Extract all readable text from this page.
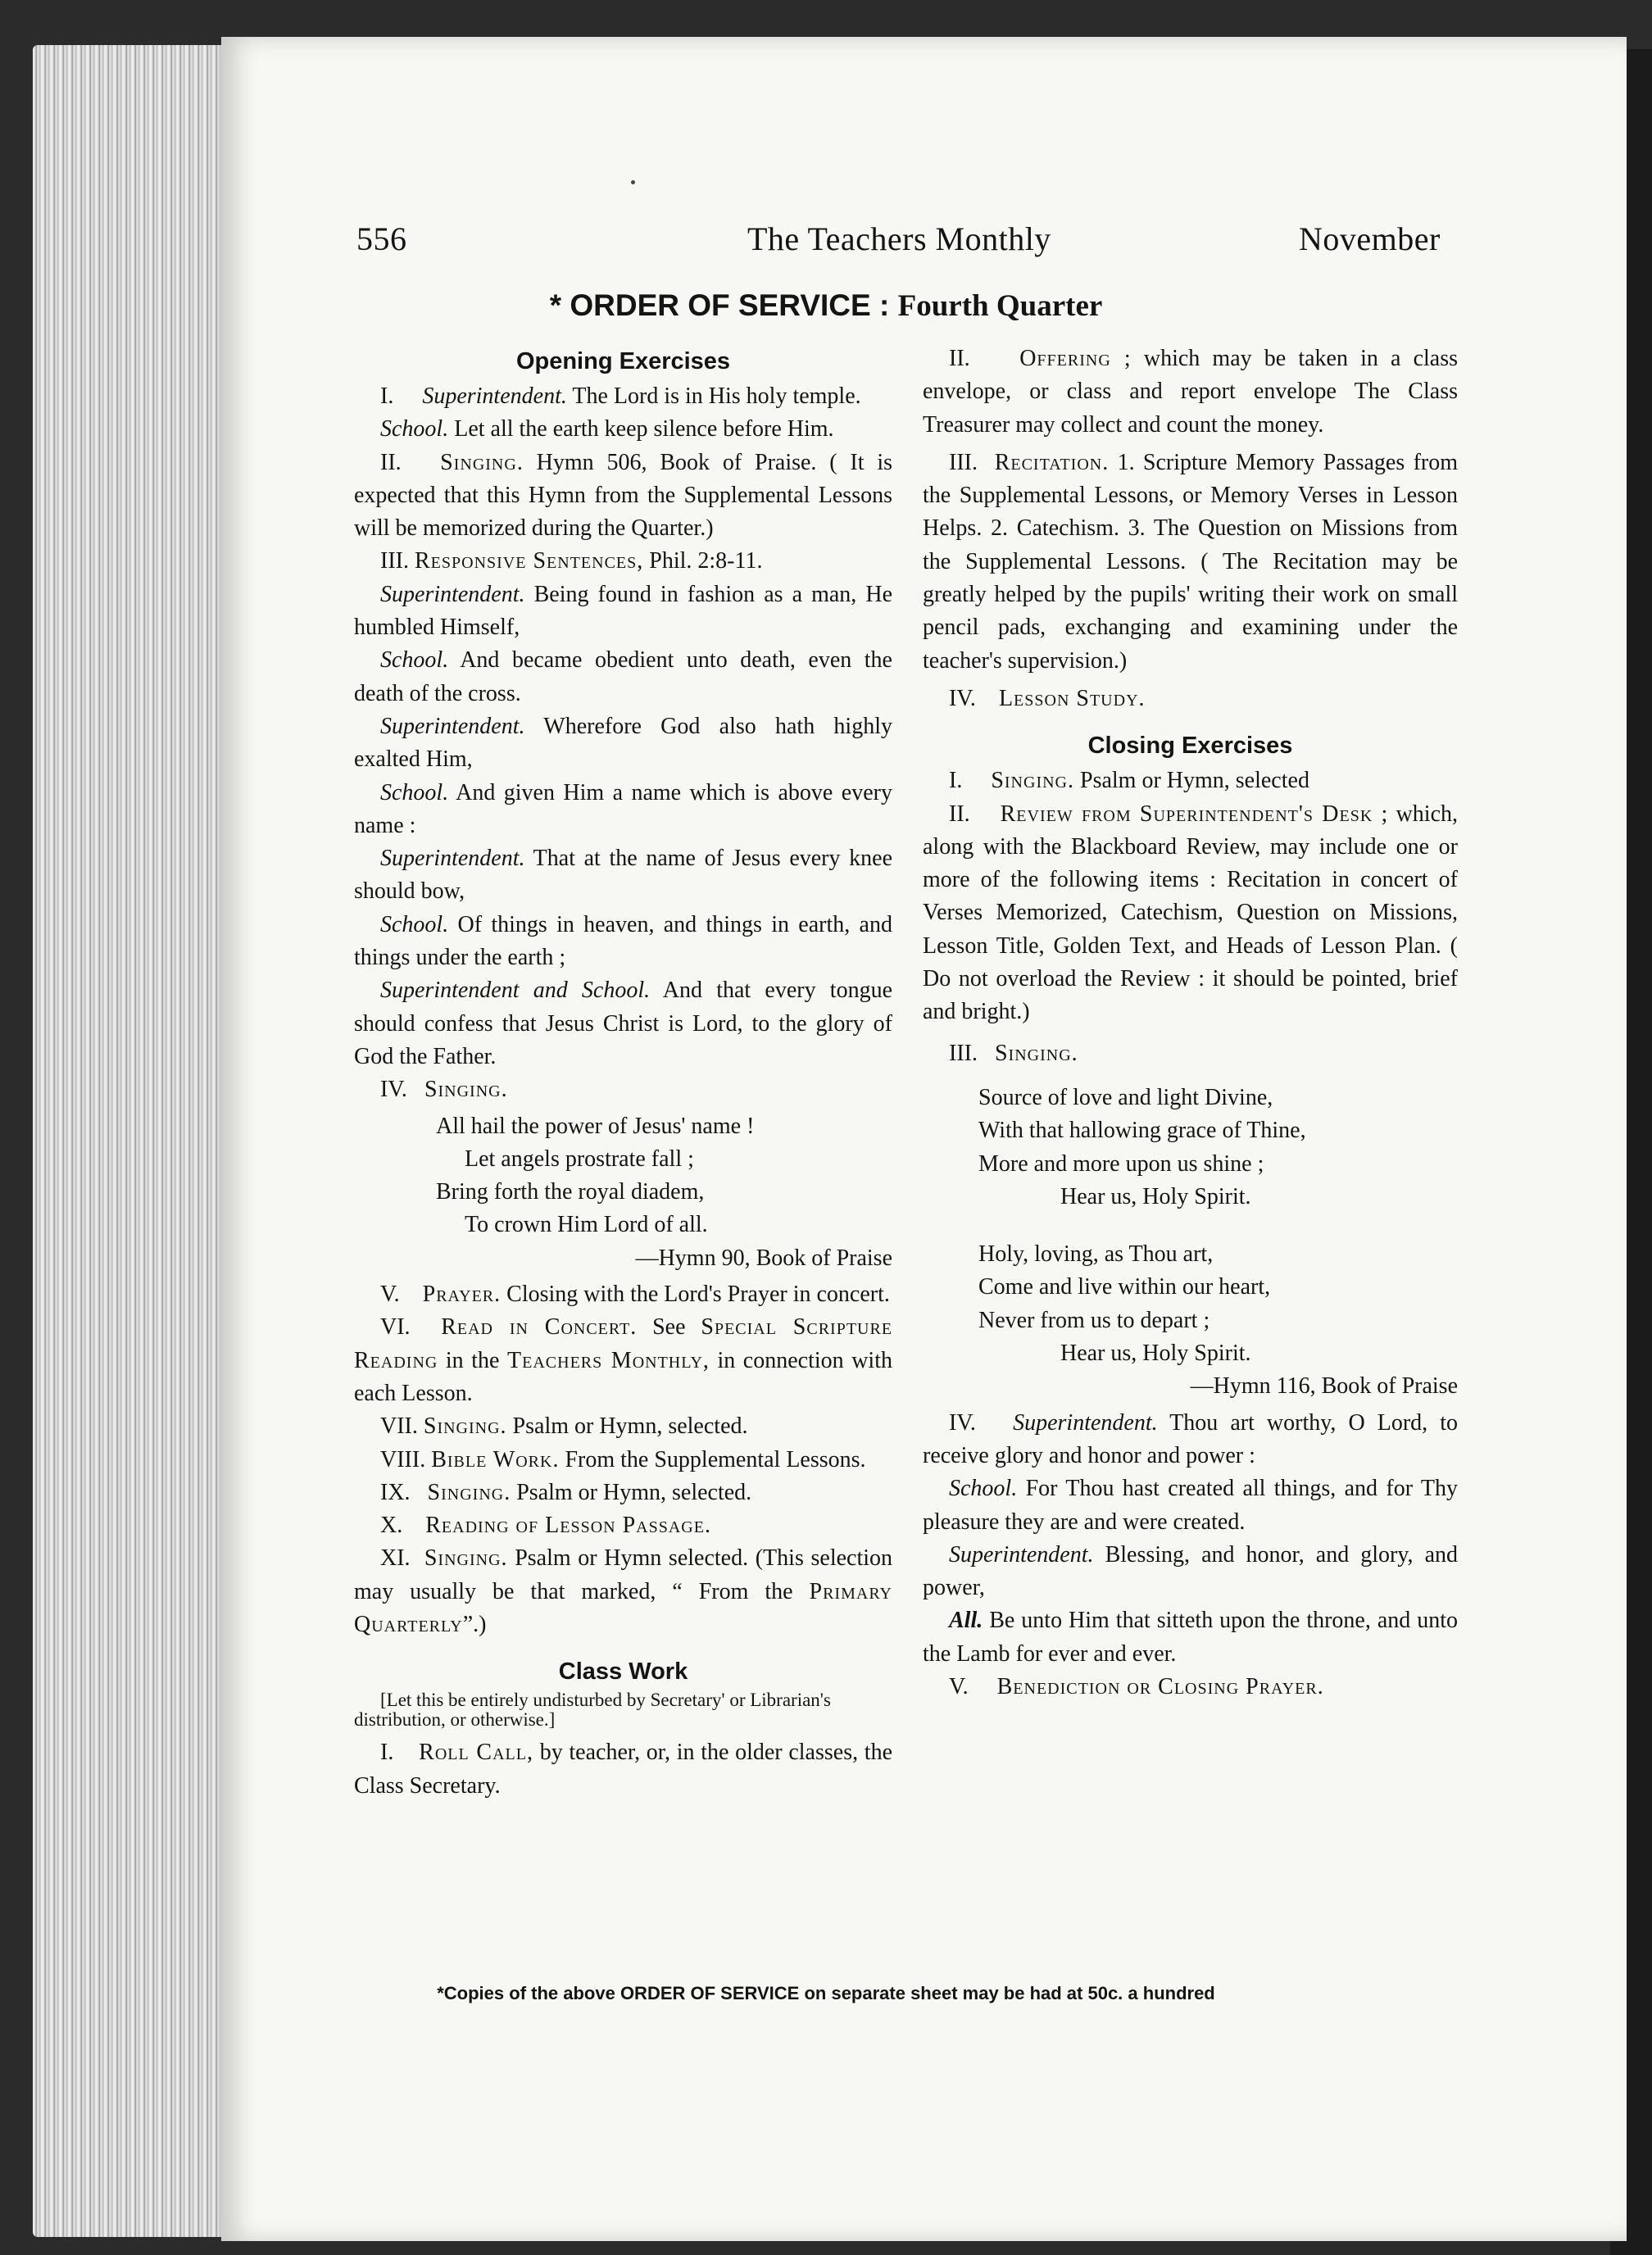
556	The Teachers Monthly	November
* ORDER OF SERVICE : Fourth Quarter

Opening Exercises

I. Superintendent. The Lord is in His holy temple.

School. Let all the earth keep silence before Him.

II. Singing. Hymn 506, Book of Praise. ( It is expected that this Hymn from the Supplemental Lessons will be memorized during the Quarter.)

III. Responsive Sentences, Phil. 2:8-11.

Superintendent. Being found in fashion as a man, He humbled Himself,

School. And became obedient unto death, even the death of the cross.

Superintendent. Wherefore God also hath highly exalted Him,

School. And given Him a name which is above every name :

Superintendent. That at the name of Jesus every knee should bow,

School. Of things in heaven, and things in earth, and things under the earth ;

Superintendent and School. And that every tongue should confess that Jesus Christ is Lord, to the glory of God the Father.

IV. Singing.

All hail the power of Jesus' name !
Let angels prostrate fall ;
Bring forth the royal diadem,
To crown Him Lord of all.
—Hymn 90, Book of Praise

V. Prayer. Closing with the Lord's Prayer in concert.

VI. Read in Concert. See Special Scripture Reading in the Teachers Monthly, in connection with each Lesson.

VII. Singing. Psalm or Hymn, selected.

VIII. Bible Work. From the Supplemental Lessons.

IX. Singing. Psalm or Hymn, selected.

X. Reading of Lesson Passage.

XI. Singing. Psalm or Hymn selected. (This selection may usually be that marked, “ From the Primary Quarterly”.)

Class Work

[Let this be entirely undisturbed by Secretary' or Librarian's distribution, or otherwise.]

I. Roll Call, by teacher, or, in the older classes, the Class Secretary.

II. Offering ; which may be taken in a class envelope, or class and report envelope The Class Treasurer may collect and count the money.

III. Recitation. 1. Scripture Memory Passages from the Supplemental Lessons, or Memory Verses in Lesson Helps. 2. Catechism. 3. The Question on Missions from the Supplemental Lessons. ( The Recitation may be greatly helped by the pupils' writing their work on small pencil pads, exchanging and examining under the teacher's supervision.)

IV. Lesson Study.

Closing Exercises

I. Singing. Psalm or Hymn, selected

II. Review from Superintendent's Desk ; which, along with the Blackboard Review, may include one or more of the following items : Recitation in concert of Verses Memorized, Catechism, Question on Missions, Lesson Title, Golden Text, and Heads of Lesson Plan. ( Do not overload the Review : it should be pointed, brief and bright.)

III. Singing.

Source of love and light Divine,
With that hallowing grace of Thine,
More and more upon us shine ;
Hear us, Holy Spirit.
Holy, loving, as Thou art,
Come and live within our heart,
Never from us to depart ;
Hear us, Holy Spirit.
—Hymn 116, Book of Praise

IV. Superintendent. Thou art worthy, O Lord, to receive glory and honor and power :

School. For Thou hast created all things, and for Thy pleasure they are and were created.

Superintendent. Blessing, and honor, and glory, and power,

All. Be unto Him that sitteth upon the throne, and unto the Lamb for ever and ever.

V. Benediction or Closing Prayer.

*Copies of the above ORDER OF SERVICE on separate sheet may be had at 50c. a hundred
